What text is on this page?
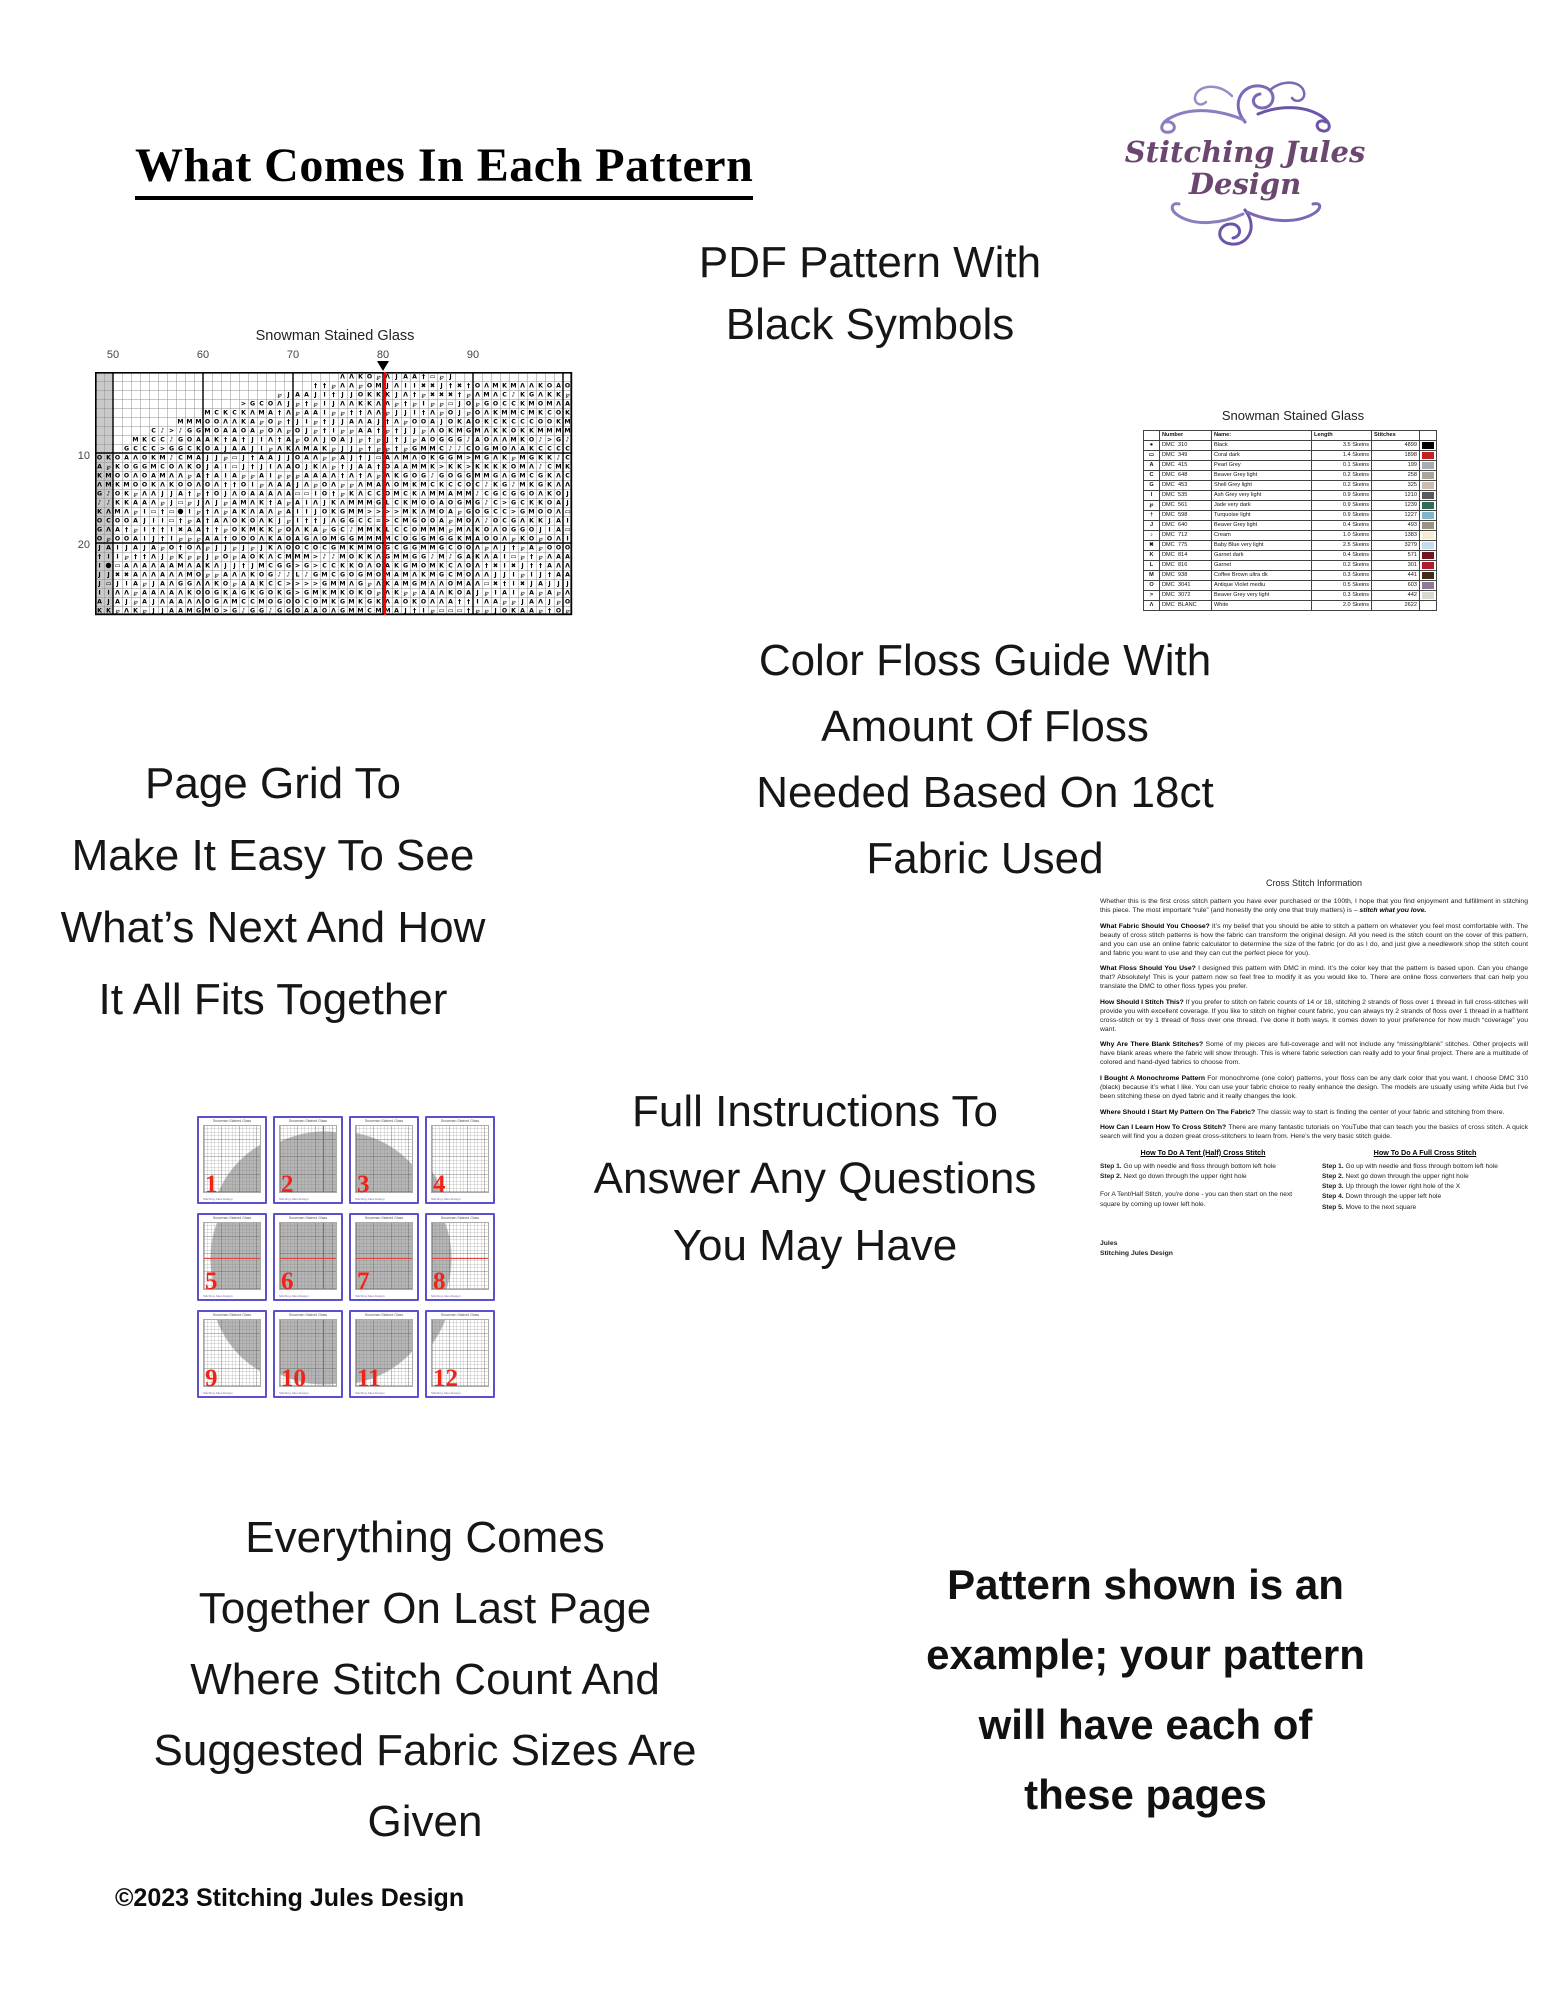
What Comes In Each Pattern	Stitching Jules Design
Snowman Stained Glass
50	60	70	80	90
10
20
PDF Pattern With
Black Symbols
Snowman Stained Glass
	Number	Name:	Length	Stitches	
●	DMC 310	Black	3.5 Skeins	4899	

▭	DMC 349	Coral dark	1.4 Skeins	1898	

A	DMC 415	Pearl Grey	0.1 Skeins	199	

C	DMC 648	Beaver Grey light	0.2 Skeins	258	

G	DMC 453	Shell Grey light	0.2 Skeins	325	

I	DMC 535	Ash Grey very light	0.9 Skeins	1210	

℘	DMC 561	Jade very dark	0.9 Skeins	1239	

†	DMC 598	Turquoise light	0.9 Skeins	1227	

J	DMC 640	Beaver Grey light	0.4 Skeins	493	

♪	DMC 712	Cream	1.0 Skeins	1383	

✖	DMC 775	Baby Blue very light	2.5 Skeins	3279	

K	DMC 814	Garnet dark	0.4 Skeins	571	

L	DMC 816	Garnet	0.2 Skeins	301	

M	DMC 938	Coffee Brown ultra dk	0.3 Skeins	441	

O	DMC 3041	Antique Violet mediu	0.5 Skeins	603	

>	DMC 3072	Beaver Grey very light	0.3 Skeins	442	

Λ	DMC BLANC	White	2.0 Skeins	2622	
Color Floss Guide With
Amount Of Floss
Needed Based On 18ct
Fabric Used
Page Grid To
Make It Easy To See
What’s Next And How
It All Fits Together
Cross Stitch Information

Whether this is the first cross stitch pattern you have ever purchased or the 100th, I hope that you find enjoyment and fulfillment in stitching this piece. The most important “rule” (and honestly the only one that truly matters) is – stitch what you love.

What Fabric Should You Choose? It’s my belief that you should be able to stitch a pattern on whatever you feel most comfortable with. The beauty of cross stitch patterns is how the fabric can transform the original design. All you need is the stitch count on the cover of this pattern, and you can use an online fabric calculator to determine the size of the fabric (or do as I do, and just give a needlework shop the stitch count and fabric you want to use and they can cut the perfect piece for you).

What Floss Should You Use? I designed this pattern with DMC in mind. It’s the color key that the pattern is based upon. Can you change that? Absolutely! This is your pattern now so feel free to modify it as you would like to. There are online floss converters that can help you translate the DMC to other floss types you prefer.

How Should I Stitch This? If you prefer to stitch on fabric counts of 14 or 18, stitching 2 strands of floss over 1 thread in full cross-stitches will provide you with excellent coverage. If you like to stitch on higher count fabric, you can always try 2 strands of floss over 1 thread in a half/tent cross-stitch or try 1 thread of floss over one thread. I’ve done it both ways. It comes down to your preference for how much “coverage” you want.

Why Are There Blank Stitches? Some of my pieces are full-coverage and will not include any “missing/blank” stitches. Other projects will have blank areas where the fabric will show through. This is where fabric selection can really add to your final project. There are a multitude of colored and hand-dyed fabrics to choose from.

I Bought A Monochrome Pattern For monochrome (one color) patterns, your floss can be any dark color that you want. I choose DMC 310 (black) because it’s what I like. You can use your fabric choice to really enhance the design. The models are usually using white Aida but I’ve been stitching these on dyed fabric and it really changes the look.

Where Should I Start My Pattern On The Fabric? The classic way to start is finding the center of your fabric and stitching from there.

How Can I Learn How To Cross Stitch? There are many fantastic tutorials on YouTube that can teach you the basics of cross stitch. A quick search will find you a dozen great cross-stitchers to learn from. Here’s the very basic stitch guide.

How To Do A Tent (Half) Cross Stitch
Step 1. Go up with needle and floss through bottom left hole
Step 2. Next go down through the upper right hole
For A Tent/Half Stitch, you're done - you can then start on the next square by coming up lower left hole.
How To Do A Full Cross Stitch
Step 1. Go up with needle and floss through bottom left hole
Step 2. Next go down through the upper right hole
Step 3. Up through the lower right hole of the X
Step 4. Down through the upper left hole
Step 5. Move to the next square
Jules
Stitching Jules Design
Snowman Stained Glass
1
Stitching Jules Design
Snowman Stained Glass
2
Stitching Jules Design
Snowman Stained Glass
3
Stitching Jules Design
Snowman Stained Glass
4
Stitching Jules Design
Snowman Stained Glass
5
Stitching Jules Design
Snowman Stained Glass
6
Stitching Jules Design
Snowman Stained Glass
7
Stitching Jules Design
Snowman Stained Glass
8
Stitching Jules Design
Snowman Stained Glass
9
Stitching Jules Design
Snowman Stained Glass
10
Stitching Jules Design
Snowman Stained Glass
11
Stitching Jules Design
Snowman Stained Glass
12
Stitching Jules Design
Full Instructions To
Answer Any Questions
You May Have
Everything Comes
Together On Last Page
Where Stitch Count And
Suggested Fabric Sizes Are
Given
Pattern shown is an
example; your pattern
will have each of
these pages
©2023 Stitching Jules Design
